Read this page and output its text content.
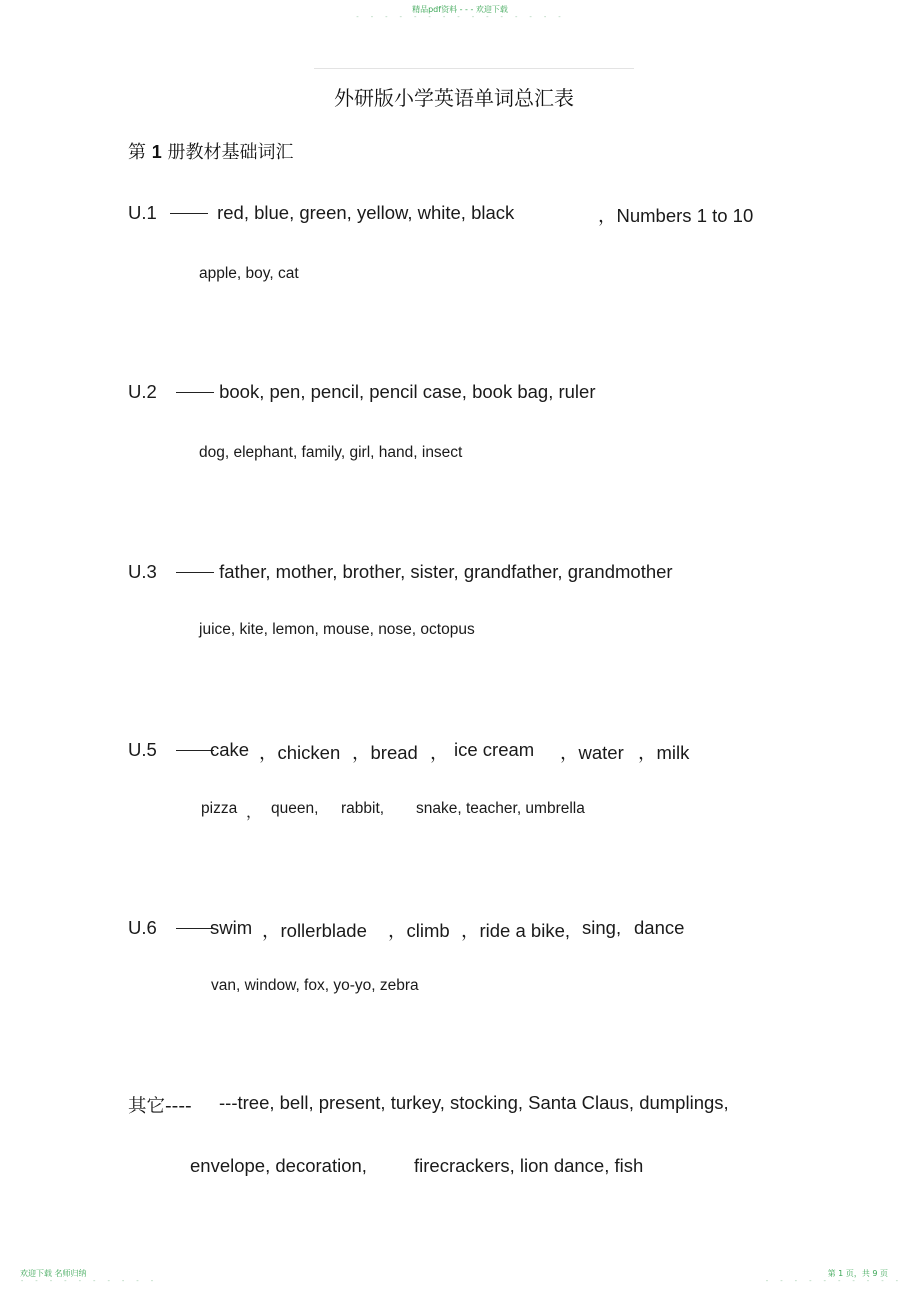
精品pdf资料 - - - 欢迎下载
- - - - - - - - - - - - - - -
外研版小学英语单词总汇表
第 1 册教材基础词汇
U.1	red, blue, green, yellow, white, black	，Numbers 1 to 10
apple, boy, cat
U.2	book, pen, pencil, pencil case, book bag, ruler
dog, elephant, family, girl, hand, insect
U.3	father, mother, brother, sister, grandfather, grandmother
juice, kite, lemon, mouse, nose, octopus
U.5	cake ，chicken ，bread ， ice cream ，water ，milk
pizza ， queen, rabbit, snake, teacher, umbrella
U.6	swim ，rollerblade ，climb ，ride a bike, sing, dance
van, window, fox, yo-yo, zebra
其它---- ---tree, bell, present, turkey, stocking, Santa Claus, dumplings,
envelope, decoration,	firecrackers, lion dance, fish
欢迎下载 名师归纳
- - - - - - - - - -
第 1 页，共 9 页
- - - - - - - - - -
